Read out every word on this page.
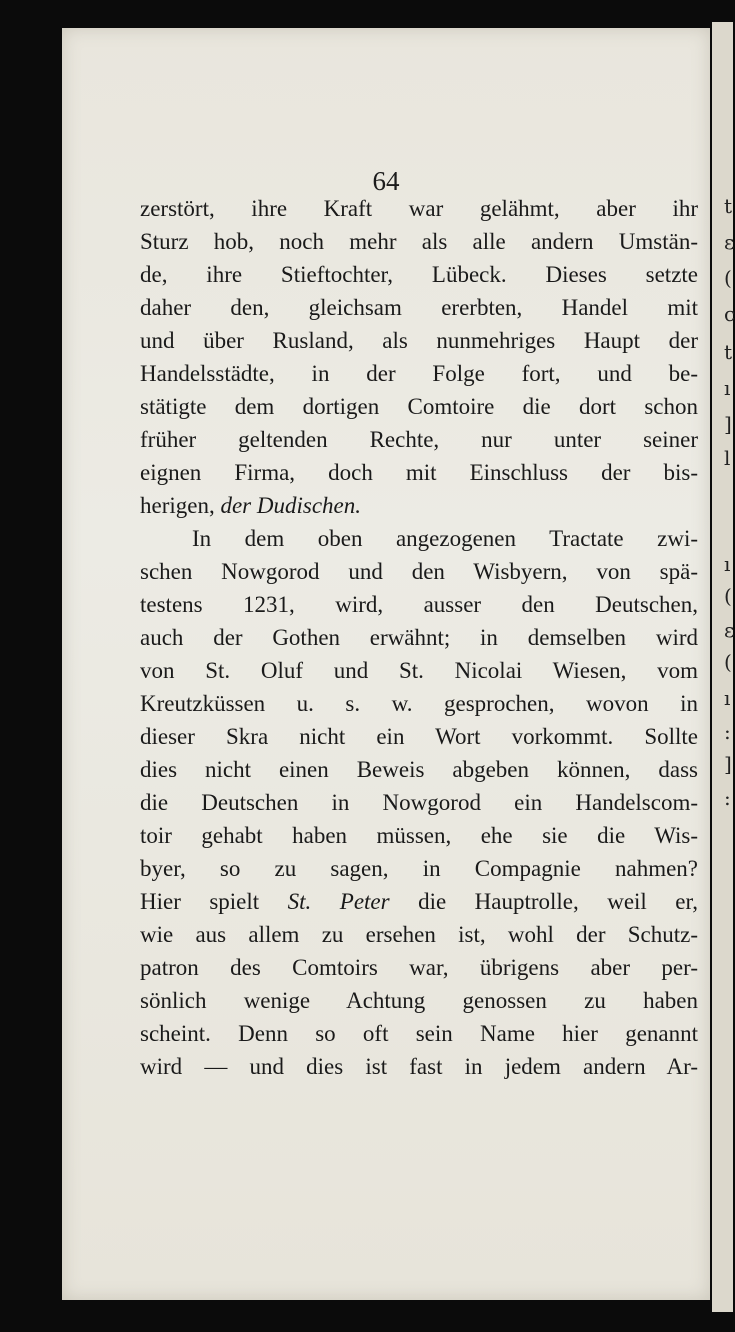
t
ε
(
c
t
ı
]
l
ı
(
ε
(
ı
:
]
:
64
zerstört, ihre Kraft war gelähmt, aber ihr
Sturz hob, noch mehr als alle andern Umstän-
de, ihre Stieftochter, Lübeck. Dieses setzte
daher den, gleichsam ererbten, Handel mit
und über Rusland, als nunmehriges Haupt der
Handelsstädte, in der Folge fort, und be-
stätigte dem dortigen Comtoire die dort schon
früher geltenden Rechte, nur unter seiner
eignen Firma, doch mit Einschluss der bis-
herigen, der Dudischen.
In dem oben angezogenen Tractate zwi-
schen Nowgorod und den Wisbyern, von spä-
testens 1231, wird, ausser den Deutschen,
auch der Gothen erwähnt; in demselben wird
von St. Oluf und St. Nicolai Wiesen, vom
Kreutzküssen u. s. w. gesprochen, wovon in
dieser Skra nicht ein Wort vorkommt. Sollte
dies nicht einen Beweis abgeben können, dass
die Deutschen in Nowgorod ein Handelscom-
toir gehabt haben müssen, ehe sie die Wis-
byer, so zu sagen, in Compagnie nahmen?
Hier spielt St. Peter die Hauptrolle, weil er,
wie aus allem zu ersehen ist, wohl der Schutz-
patron des Comtoirs war, übrigens aber per-
sönlich wenige Achtung genossen zu haben
scheint. Denn so oft sein Name hier genannt
wird — und dies ist fast in jedem andern Ar-
